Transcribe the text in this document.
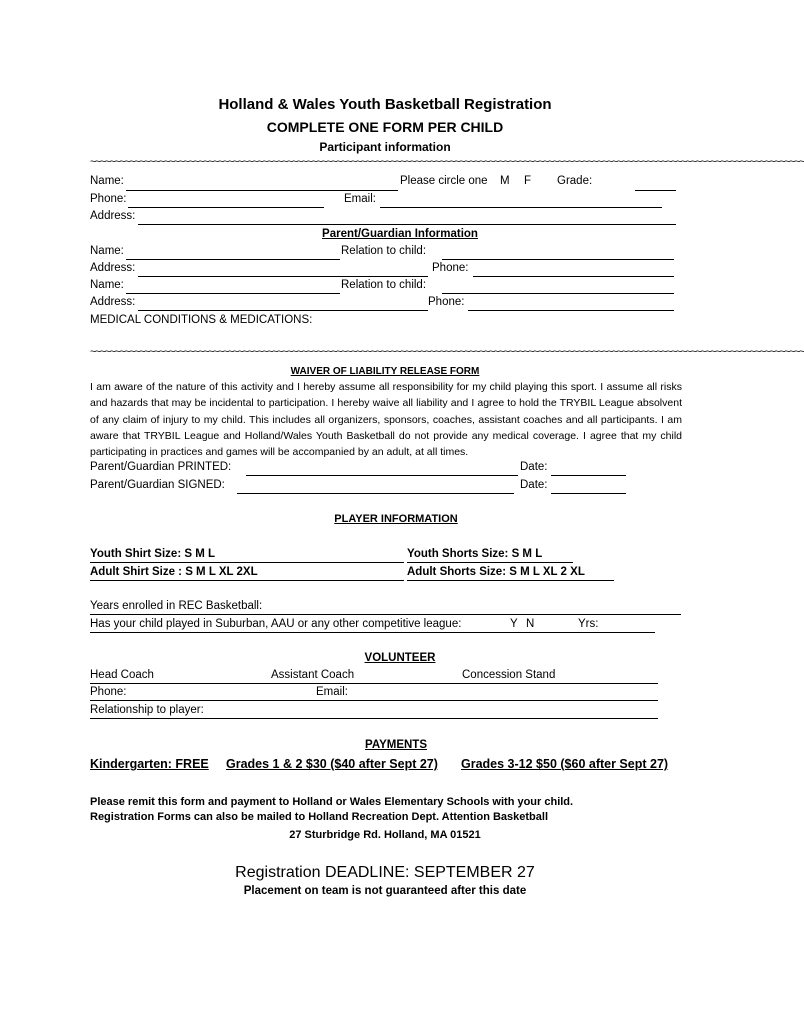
Holland & Wales Youth Basketball Registration
COMPLETE ONE FORM PER CHILD
Participant information
~~~~~~~~~~~~~~~~~~~~~~~~~~~~~~~~~~~~~~~~~~~~~~~~~~~~~~~~~~~~~~~~~~~~~~~~~~~~~~~~~~~~~~~~~~~~~~~~~~~~~~~~~~~~~~~~~~~~~~~~~~~~~~~~~~~~~~~~~~~~~~~~~
Name:	Please circle one M F Grade:
Phone:	Email:
Address:
Parent/Guardian Information
Name:	Relation to child:
Address:	Phone:
Name:	Relation to child:
Address:	Phone:
MEDICAL CONDITIONS & MEDICATIONS:
~~~~~~~~~~~~~~~~~~~~~~~~~~~~~~~~~~~~~~~~~~~~~~~~~~~~~~~~~~~~~~~~~~~~~~~~~~~~~~~~~~~~~~~~~~~~~~~~~~~~~~~~~~~~~~~~~~~~~~~~~~~~~~~~~~~~~~~~~~~~~~~~~
WAIVER OF LIABILITY RELEASE FORM
I am aware of the nature of this activity and I hereby assume all responsibility for my child playing this sport. I assume all risks and hazards that may be incidental to participation. I hereby waive all liability and I agree to hold the TRYBIL League absolvent of any claim of injury to my child. This includes all organizers, sponsors, coaches, assistant coaches and all participants. I am aware that TRYBIL League and Holland/Wales Youth Basketball do not provide any medical coverage. I agree that my child participating in practices and games will be accompanied by an adult, at all times.
Parent/Guardian PRINTED:	Date:
Parent/Guardian SIGNED:	Date:
PLAYER INFORMATION
Youth Shirt Size: S M L	Youth Shorts Size: S M L
Adult Shirt Size : S M L XL 2XL	Adult Shorts Size: S M L XL 2 XL
Years enrolled in REC Basketball:
Has your child played in Suburban, AAU or any other competitive league:	Y N	Yrs:
VOLUNTEER
Head Coach	Assistant Coach	Concession Stand
Phone:	Email:
Relationship to player:
PAYMENTS
Kindergarten: FREE Grades 1 & 2 $30 ($40 after Sept 27) Grades 3-12 $50 ($60 after Sept 27)
Please remit this form and payment to Holland or Wales Elementary Schools with your child.
Registration Forms can also be mailed to Holland Recreation Dept. Attention Basketball
27 Sturbridge Rd. Holland, MA 01521
Registration DEADLINE: SEPTEMBER 27
Placement on team is not guaranteed after this date
